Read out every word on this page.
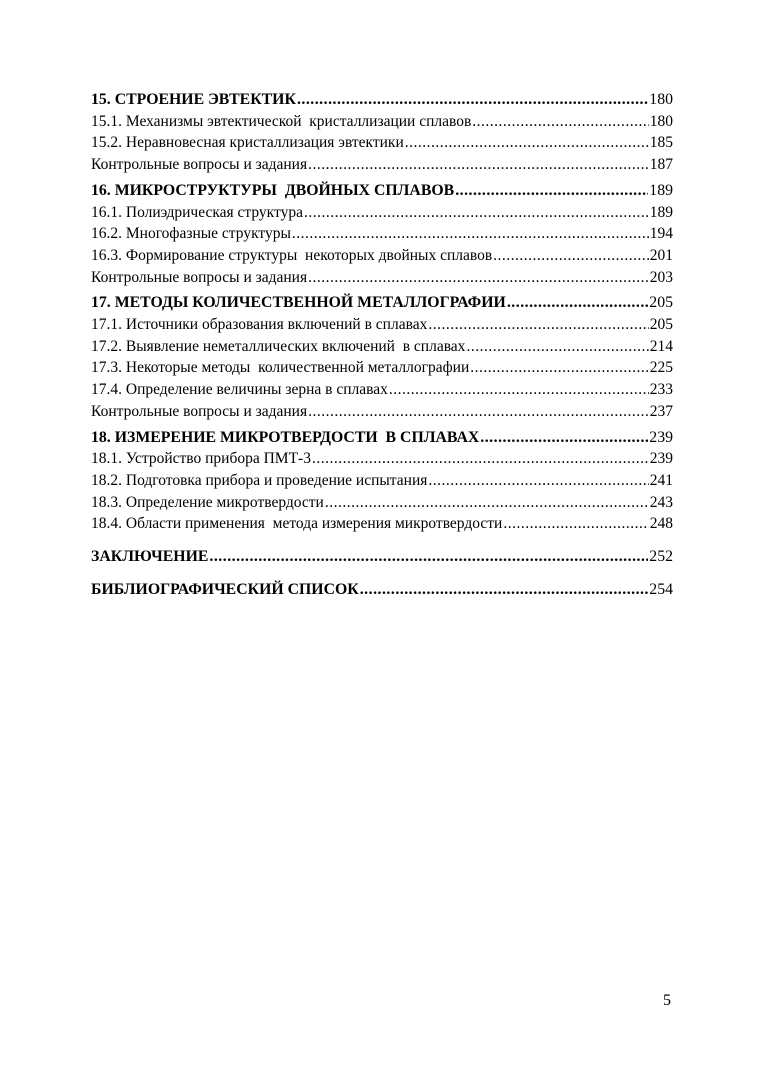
15. СТРОЕНИЕ ЭВТЕКТИК .....	180
15.1. Механизмы эвтектической  кристаллизации сплавов .....	180
15.2. Неравновесная кристаллизация эвтектики .....	185
Контрольные вопросы и задания .....	187
16. МИКРОСТРУКТУРЫ  ДВОЙНЫХ СПЛАВОВ .....	189
16.1. Полиэдрическая структура .....	189
16.2. Многофазные структуры .....	194
16.3. Формирование структуры  некоторых двойных сплавов .....	201
Контрольные вопросы и задания .....	203
17. МЕТОДЫ КОЛИЧЕСТВЕННОЙ МЕТАЛЛОГРАФИИ .....	205
17.1. Источники образования включений в сплавах .....	205
17.2. Выявление неметаллических включений  в сплавах .....	214
17.3. Некоторые методы  количественной металлографии .....	225
17.4. Определение величины зерна в сплавах .....	233
Контрольные вопросы и задания .....	237
18. ИЗМЕРЕНИЕ МИКРОТВЕРДОСТИ  В СПЛАВАХ .....	239
18.1. Устройство прибора ПМТ-3 .....	239
18.2. Подготовка прибора и проведение испытания .....	241
18.3. Определение микротвердости .....	243
18.4. Области применения  метода измерения микротвердости .....	248
ЗАКЛЮЧЕНИЕ .....	252
БИБЛИОГРАФИЧЕСКИЙ СПИСОК .....	254
5
